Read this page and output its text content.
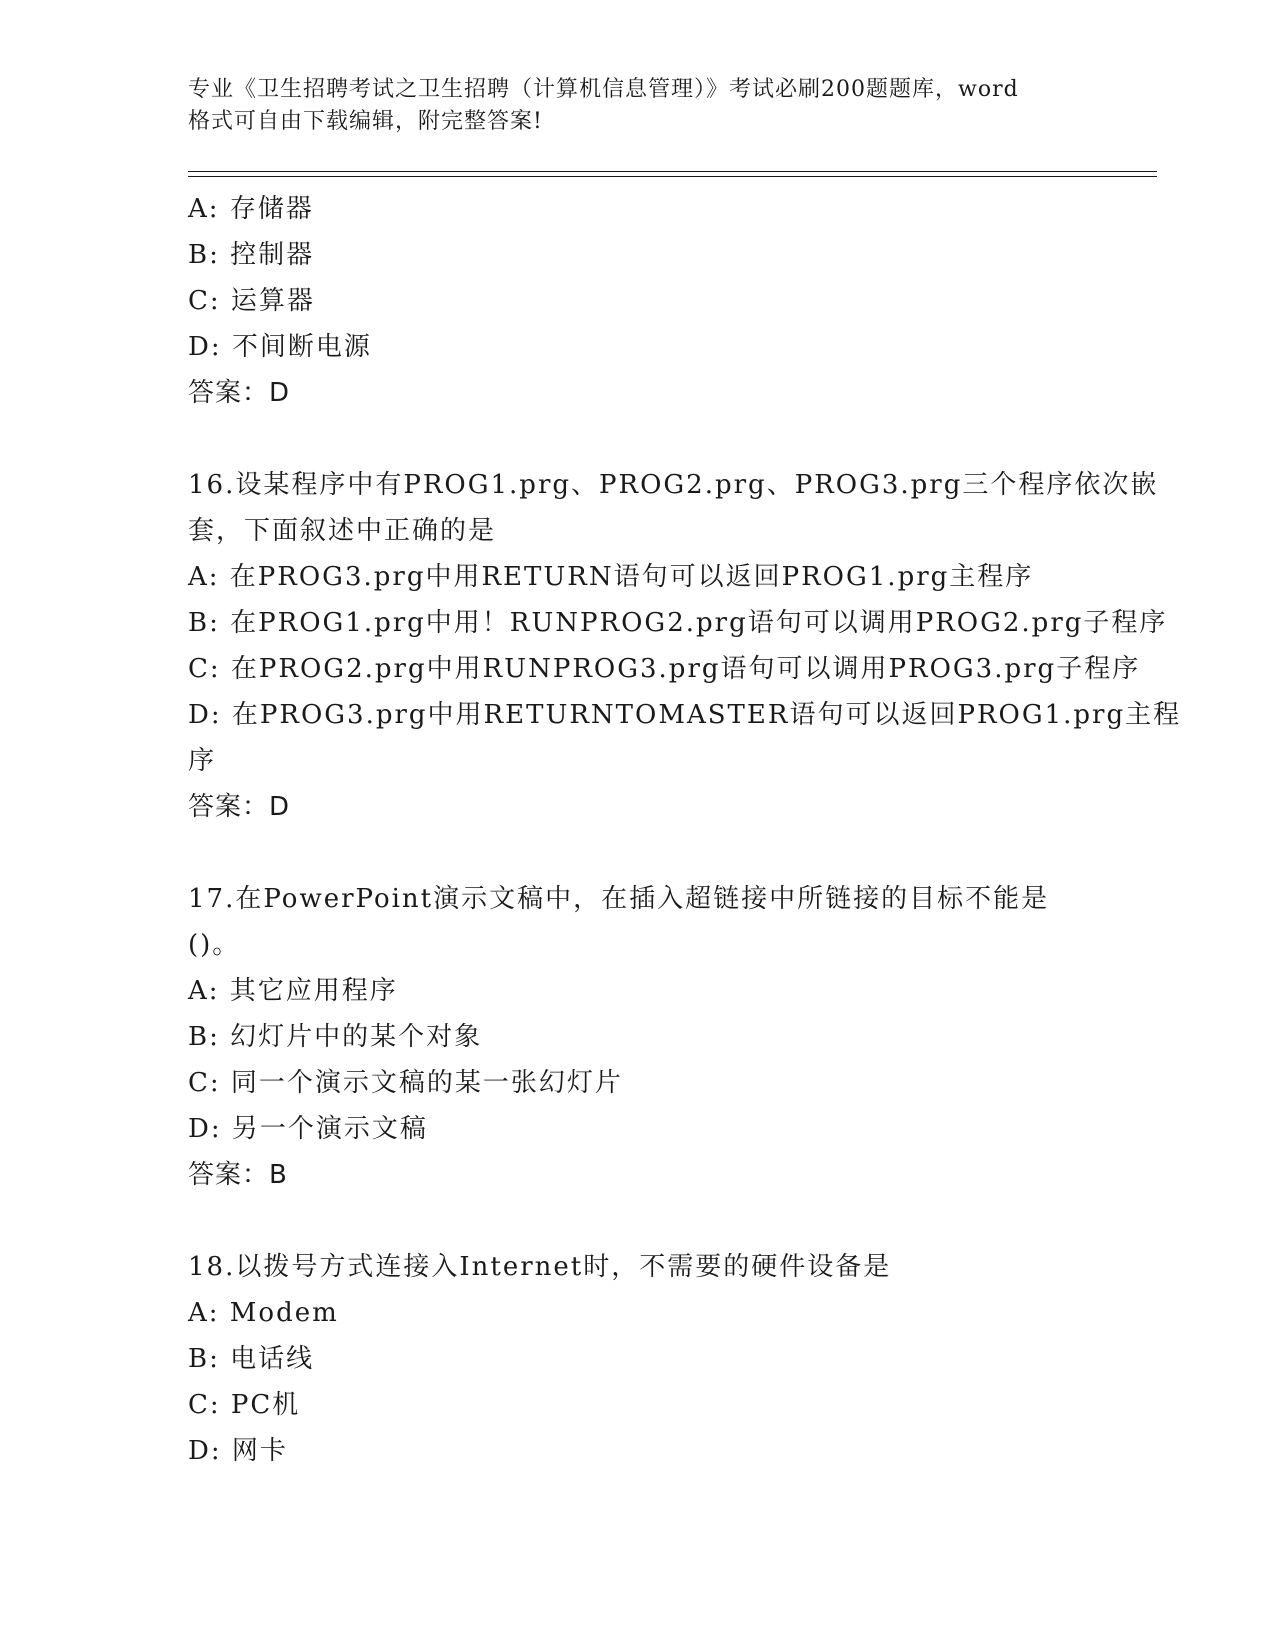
专业《卫生招聘考试之卫生招聘（计算机信息管理）》考试必刷200题题库，word
格式可自由下载编辑，附完整答案!
A: 存储器
B: 控制器
C: 运算器
D: 不间断电源
答案：D
16.设某程序中有PROG1.prg、PROG2.prg、PROG3.prg三个程序依次嵌
套，下面叙述中正确的是
A: 在PROG3.prg中用RETURN语句可以返回PROG1.prg主程序
B: 在PROG1.prg中用！RUNPROG2.prg语句可以调用PROG2.prg子程序
C: 在PROG2.prg中用RUNPROG3.prg语句可以调用PROG3.prg子程序
D: 在PROG3.prg中用RETURNTOMASTER语句可以返回PROG1.prg主程
序
答案：D
17.在PowerPoint演示文稿中，在插入超链接中所链接的目标不能是
()。
A: 其它应用程序
B: 幻灯片中的某个对象
C: 同一个演示文稿的某一张幻灯片
D: 另一个演示文稿
答案：B
18.以拨号方式连接入Internet时，不需要的硬件设备是
A: Modem
B: 电话线
C: PC机
D: 网卡
